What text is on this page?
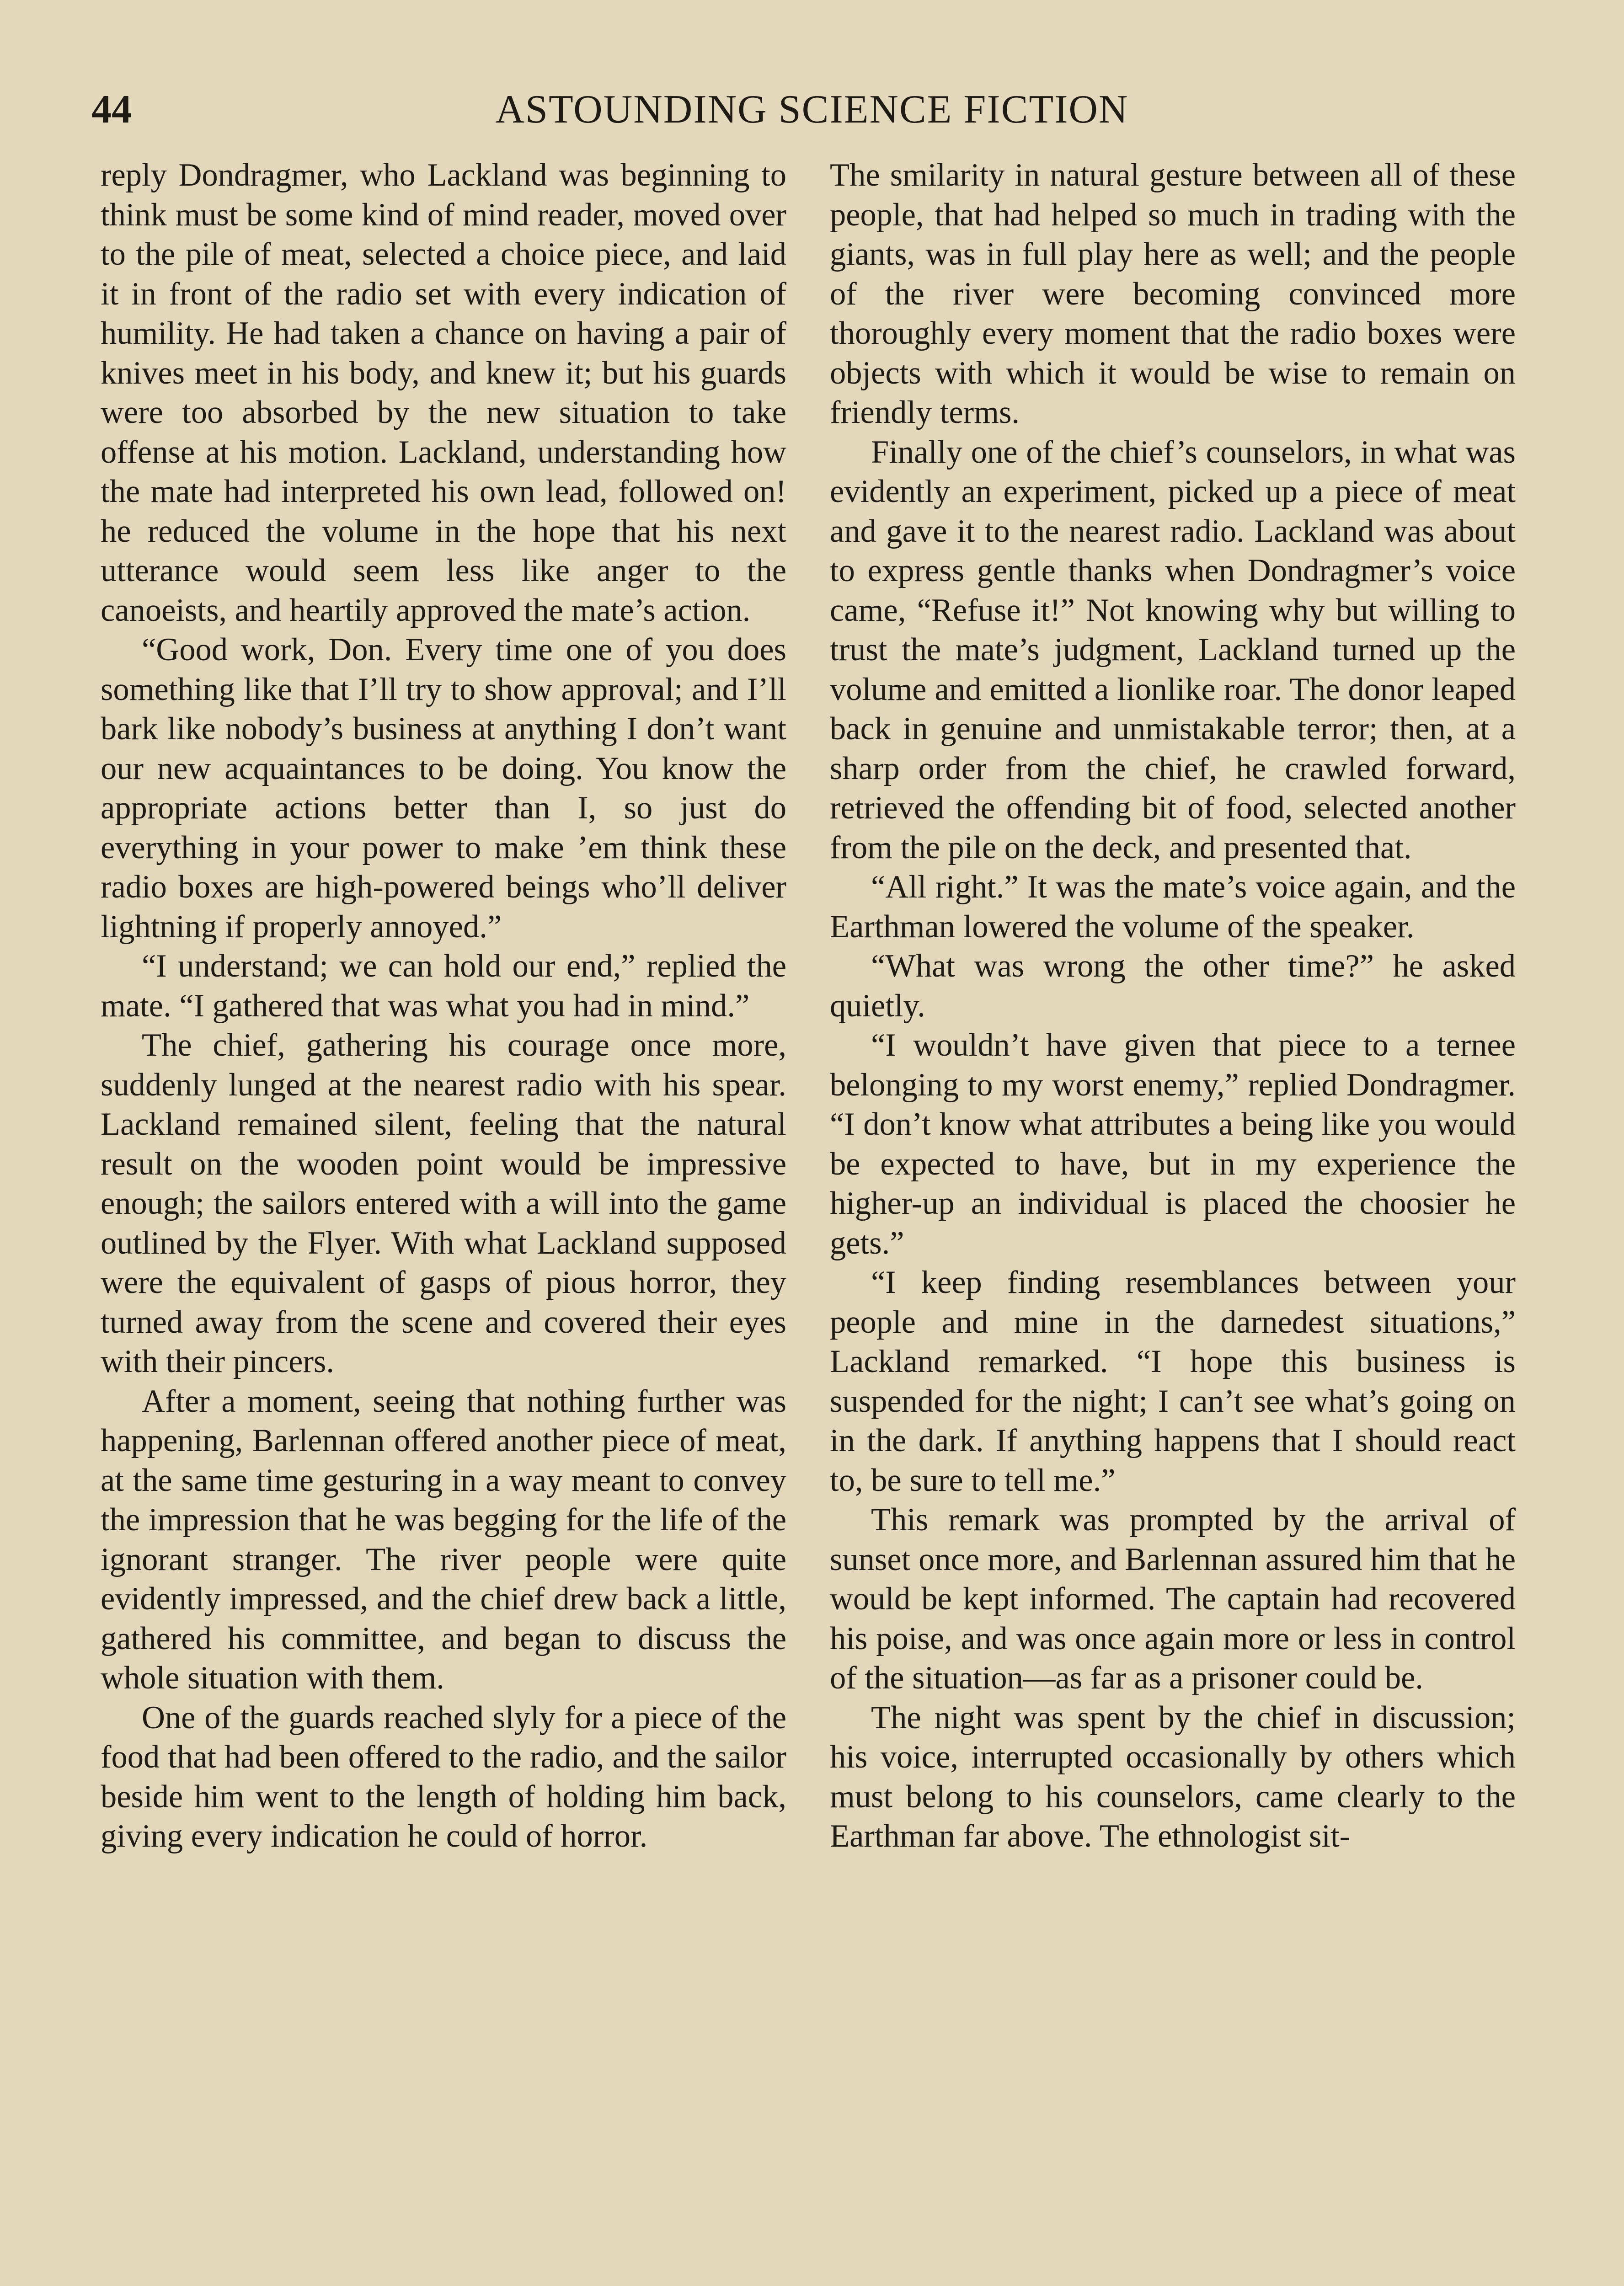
44	ASTOUNDING SCIENCE FICTION

reply Dondragmer, who Lackland was beginning to think must be some kind of mind reader, moved over to the pile of meat, selected a choice piece, and laid it in front of the radio set with every indication of humility. He had taken a chance on having a pair of knives meet in his body, and knew it; but his guards were too absorbed by the new situation to take offense at his motion. Lackland, understanding how the mate had interpreted his own lead, followed on! he reduced the volume in the hope that his next utterance would seem less like anger to the canoeists, and heartily approved the mate’s action.

“Good work, Don. Every time one of you does something like that I’ll try to show approval; and I’ll bark like nobody’s business at anything I don’t want our new acquaintances to be doing. You know the appropriate actions better than I, so just do everything in your power to make ’em think these radio boxes are high-powered beings who’ll deliver lightning if properly annoyed.”

“I understand; we can hold our end,” replied the mate. “I gathered that was what you had in mind.”

The chief, gathering his courage once more, suddenly lunged at the nearest radio with his spear. Lackland remained silent, feeling that the natural result on the wooden point would be impressive enough; the sailors entered with a will into the game outlined by the Flyer. With what Lackland supposed were the equivalent of gasps of pious horror, they turned away from the scene and covered their eyes with their pincers.

After a moment, seeing that nothing further was happening, Barlennan offered another piece of meat, at the same time gesturing in a way meant to convey the impression that he was begging for the life of the ignorant stranger. The river people were quite evidently impressed, and the chief drew back a little, gathered his committee, and began to discuss the whole situation with them.

One of the guards reached slyly for a piece of the food that had been offered to the radio, and the sailor beside him went to the length of holding him back, giving every indication he could of horror.

The smilarity in natural gesture between all of these people, that had helped so much in trading with the giants, was in full play here as well; and the people of the river were becoming convinced more thoroughly every moment that the radio boxes were objects with which it would be wise to remain on friendly terms.

Finally one of the chief’s counselors, in what was evidently an experiment, picked up a piece of meat and gave it to the nearest radio. Lackland was about to express gentle thanks when Dondragmer’s voice came, “Refuse it!” Not knowing why but willing to trust the mate’s judgment, Lackland turned up the volume and emitted a lionlike roar. The donor leaped back in genuine and unmistakable terror; then, at a sharp order from the chief, he crawled forward, retrieved the offending bit of food, selected another from the pile on the deck, and presented that.

“All right.” It was the mate’s voice again, and the Earthman lowered the volume of the speaker.

“What was wrong the other time?” he asked quietly.

“I wouldn’t have given that piece to a ternee belonging to my worst enemy,” replied Dondragmer. “I don’t know what attributes a being like you would be expected to have, but in my experience the higher-up an individual is placed the choosier he gets.”

“I keep finding resemblances between your people and mine in the darnedest situations,” Lackland remarked. “I hope this business is suspended for the night; I can’t see what’s going on in the dark. If anything happens that I should react to, be sure to tell me.”

This remark was prompted by the arrival of sunset once more, and Barlennan assured him that he would be kept informed. The captain had recovered his poise, and was once again more or less in control of the situation—as far as a prisoner could be.

The night was spent by the chief in discussion; his voice, interrupted occasionally by others which must belong to his counselors, came clearly to the Earthman far above. The ethnologist sit-
